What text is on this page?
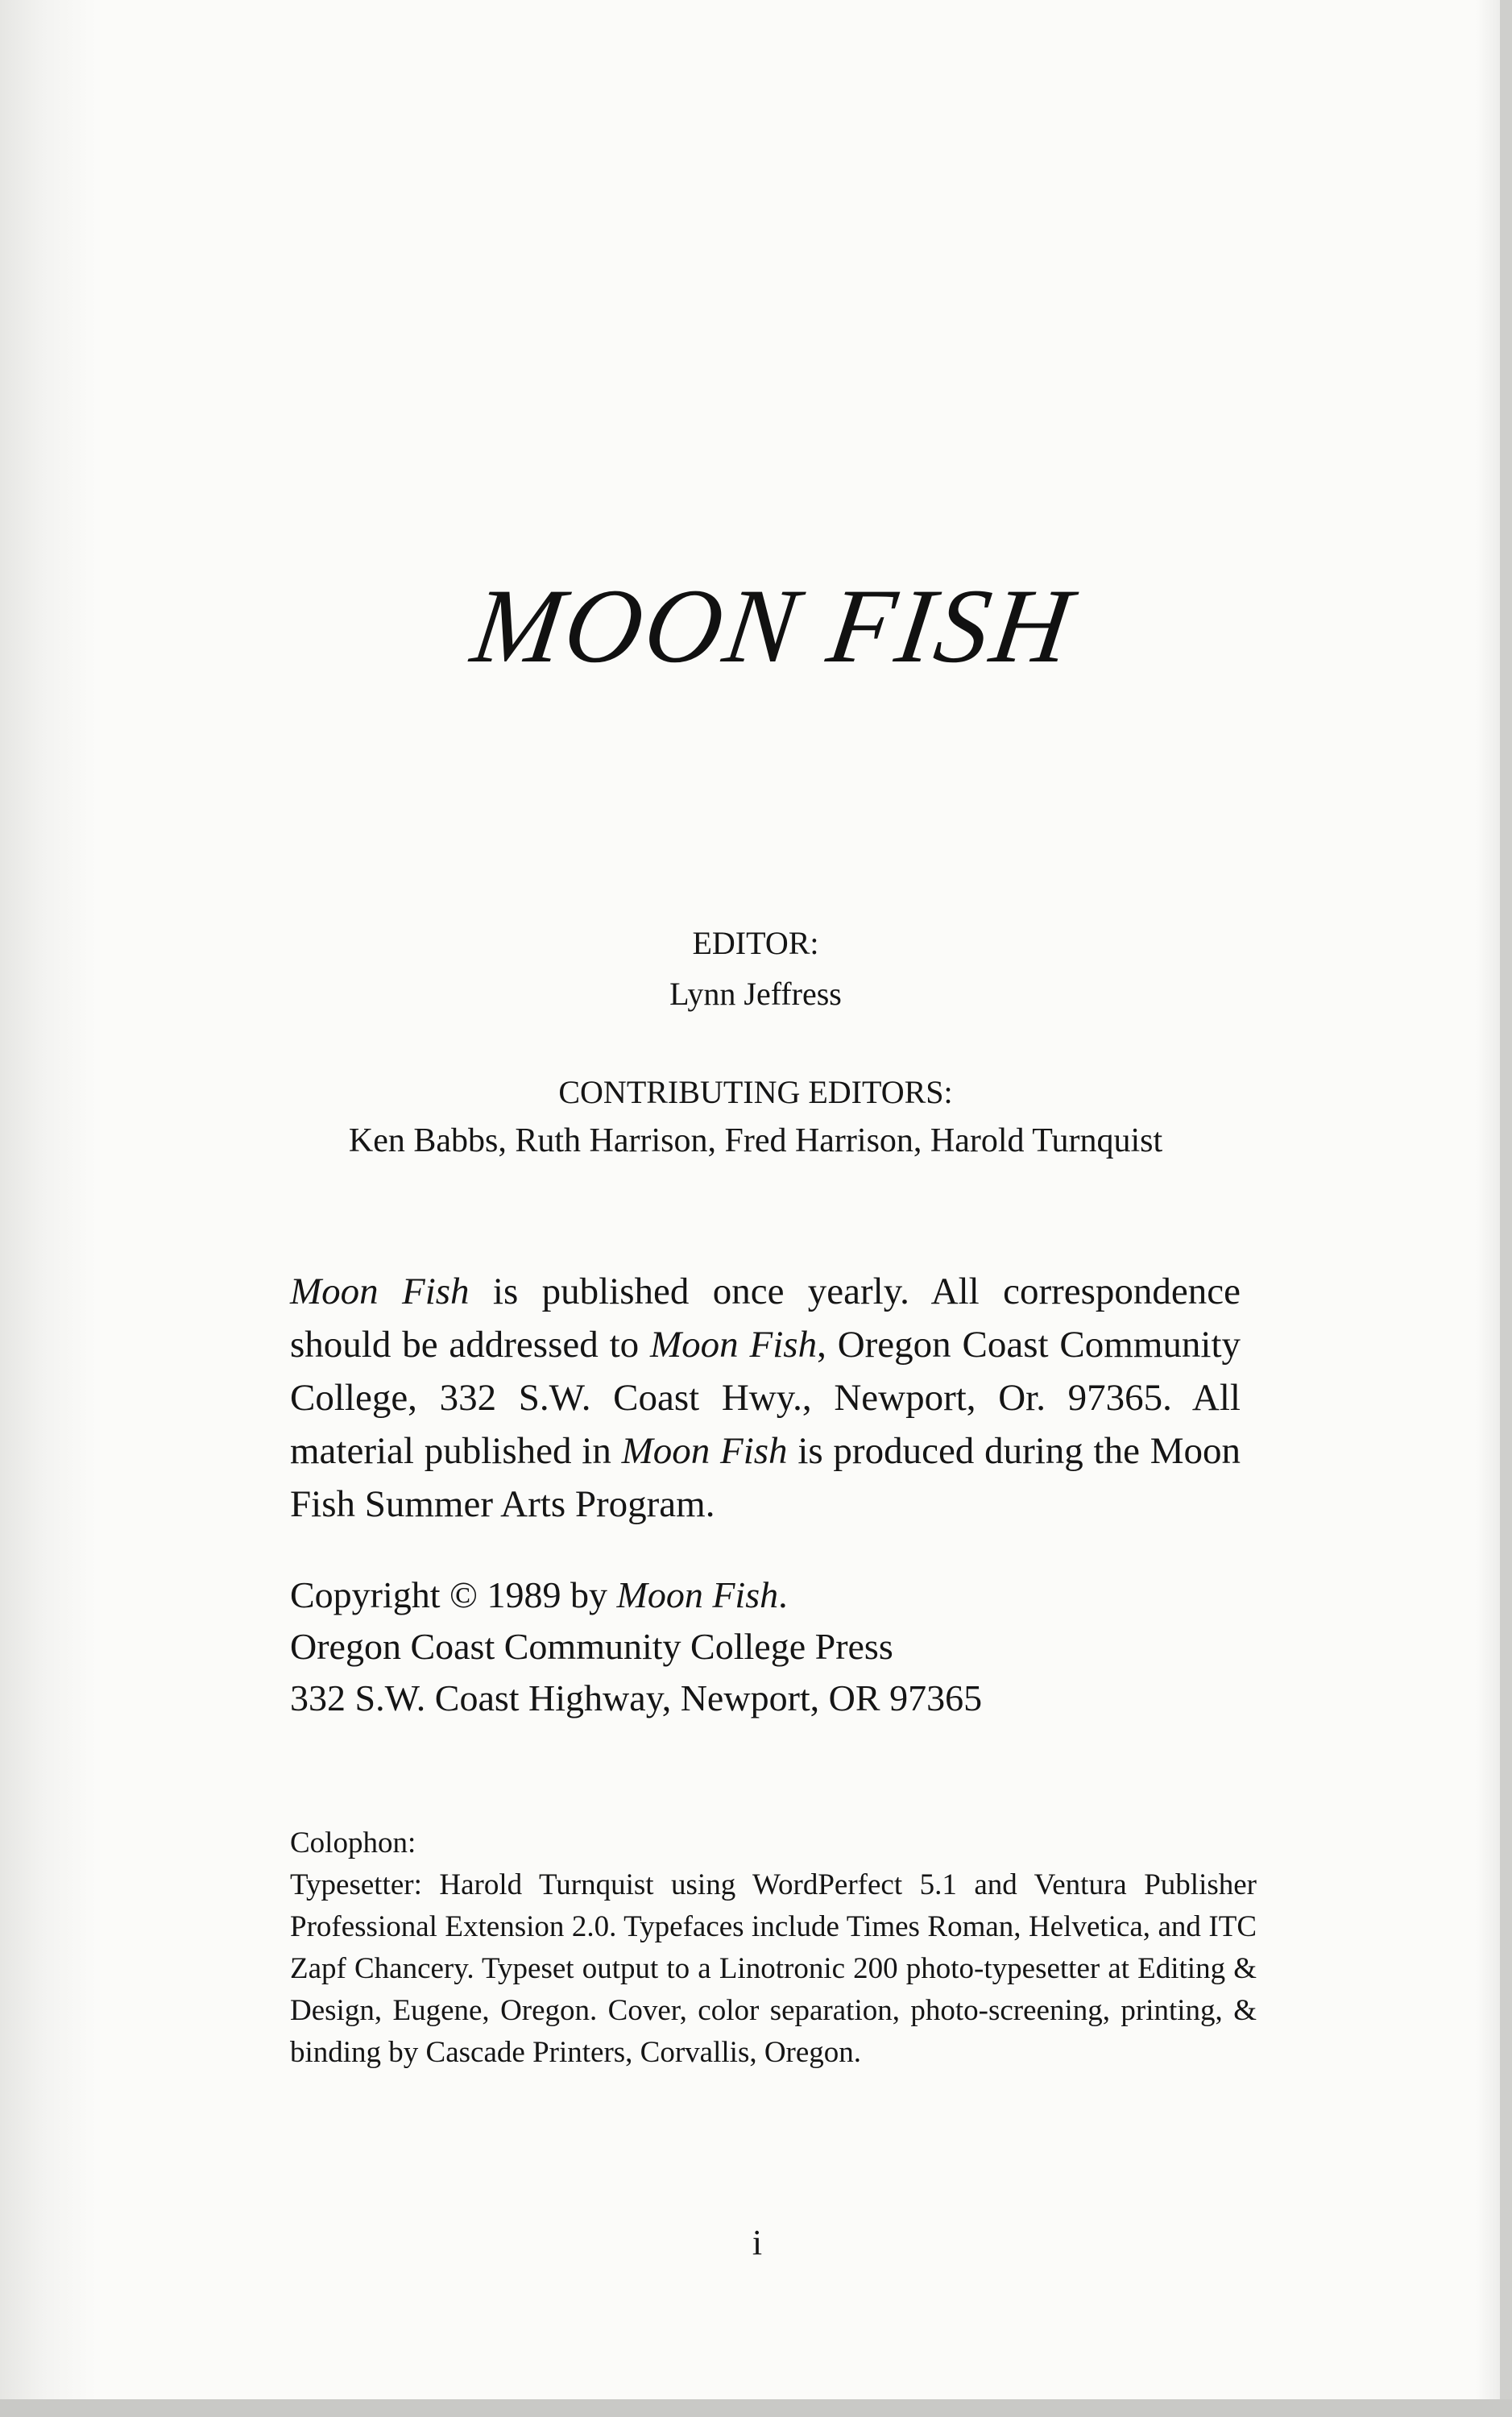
MOON FISH
EDITOR:
Lynn Jeffress
CONTRIBUTING EDITORS:
Ken Babbs, Ruth Harrison, Fred Harrison, Harold Turnquist

Moon Fish is published once yearly. All correspondence should be addressed to Moon Fish, Oregon Coast Community College, 332 S.W. Coast Hwy., Newport, Or. 97365. All material published in Moon Fish is produced during the Moon Fish Summer Arts Program.

Copyright © 1989 by Moon Fish.
Oregon Coast Community College Press
332 S.W. Coast Highway, Newport, OR 97365
Colophon:
Typesetter: Harold Turnquist using WordPerfect 5.1 and Ventura Publisher Professional Extension 2.0. Typefaces include Times Roman, Helvetica, and ITC Zapf Chancery. Typeset output to a Linotronic 200 photo-typesetter at Editing & Design, Eugene, Oregon. Cover, color separation, photo-screening, printing, & binding by Cascade Printers, Corvallis, Oregon.
i
